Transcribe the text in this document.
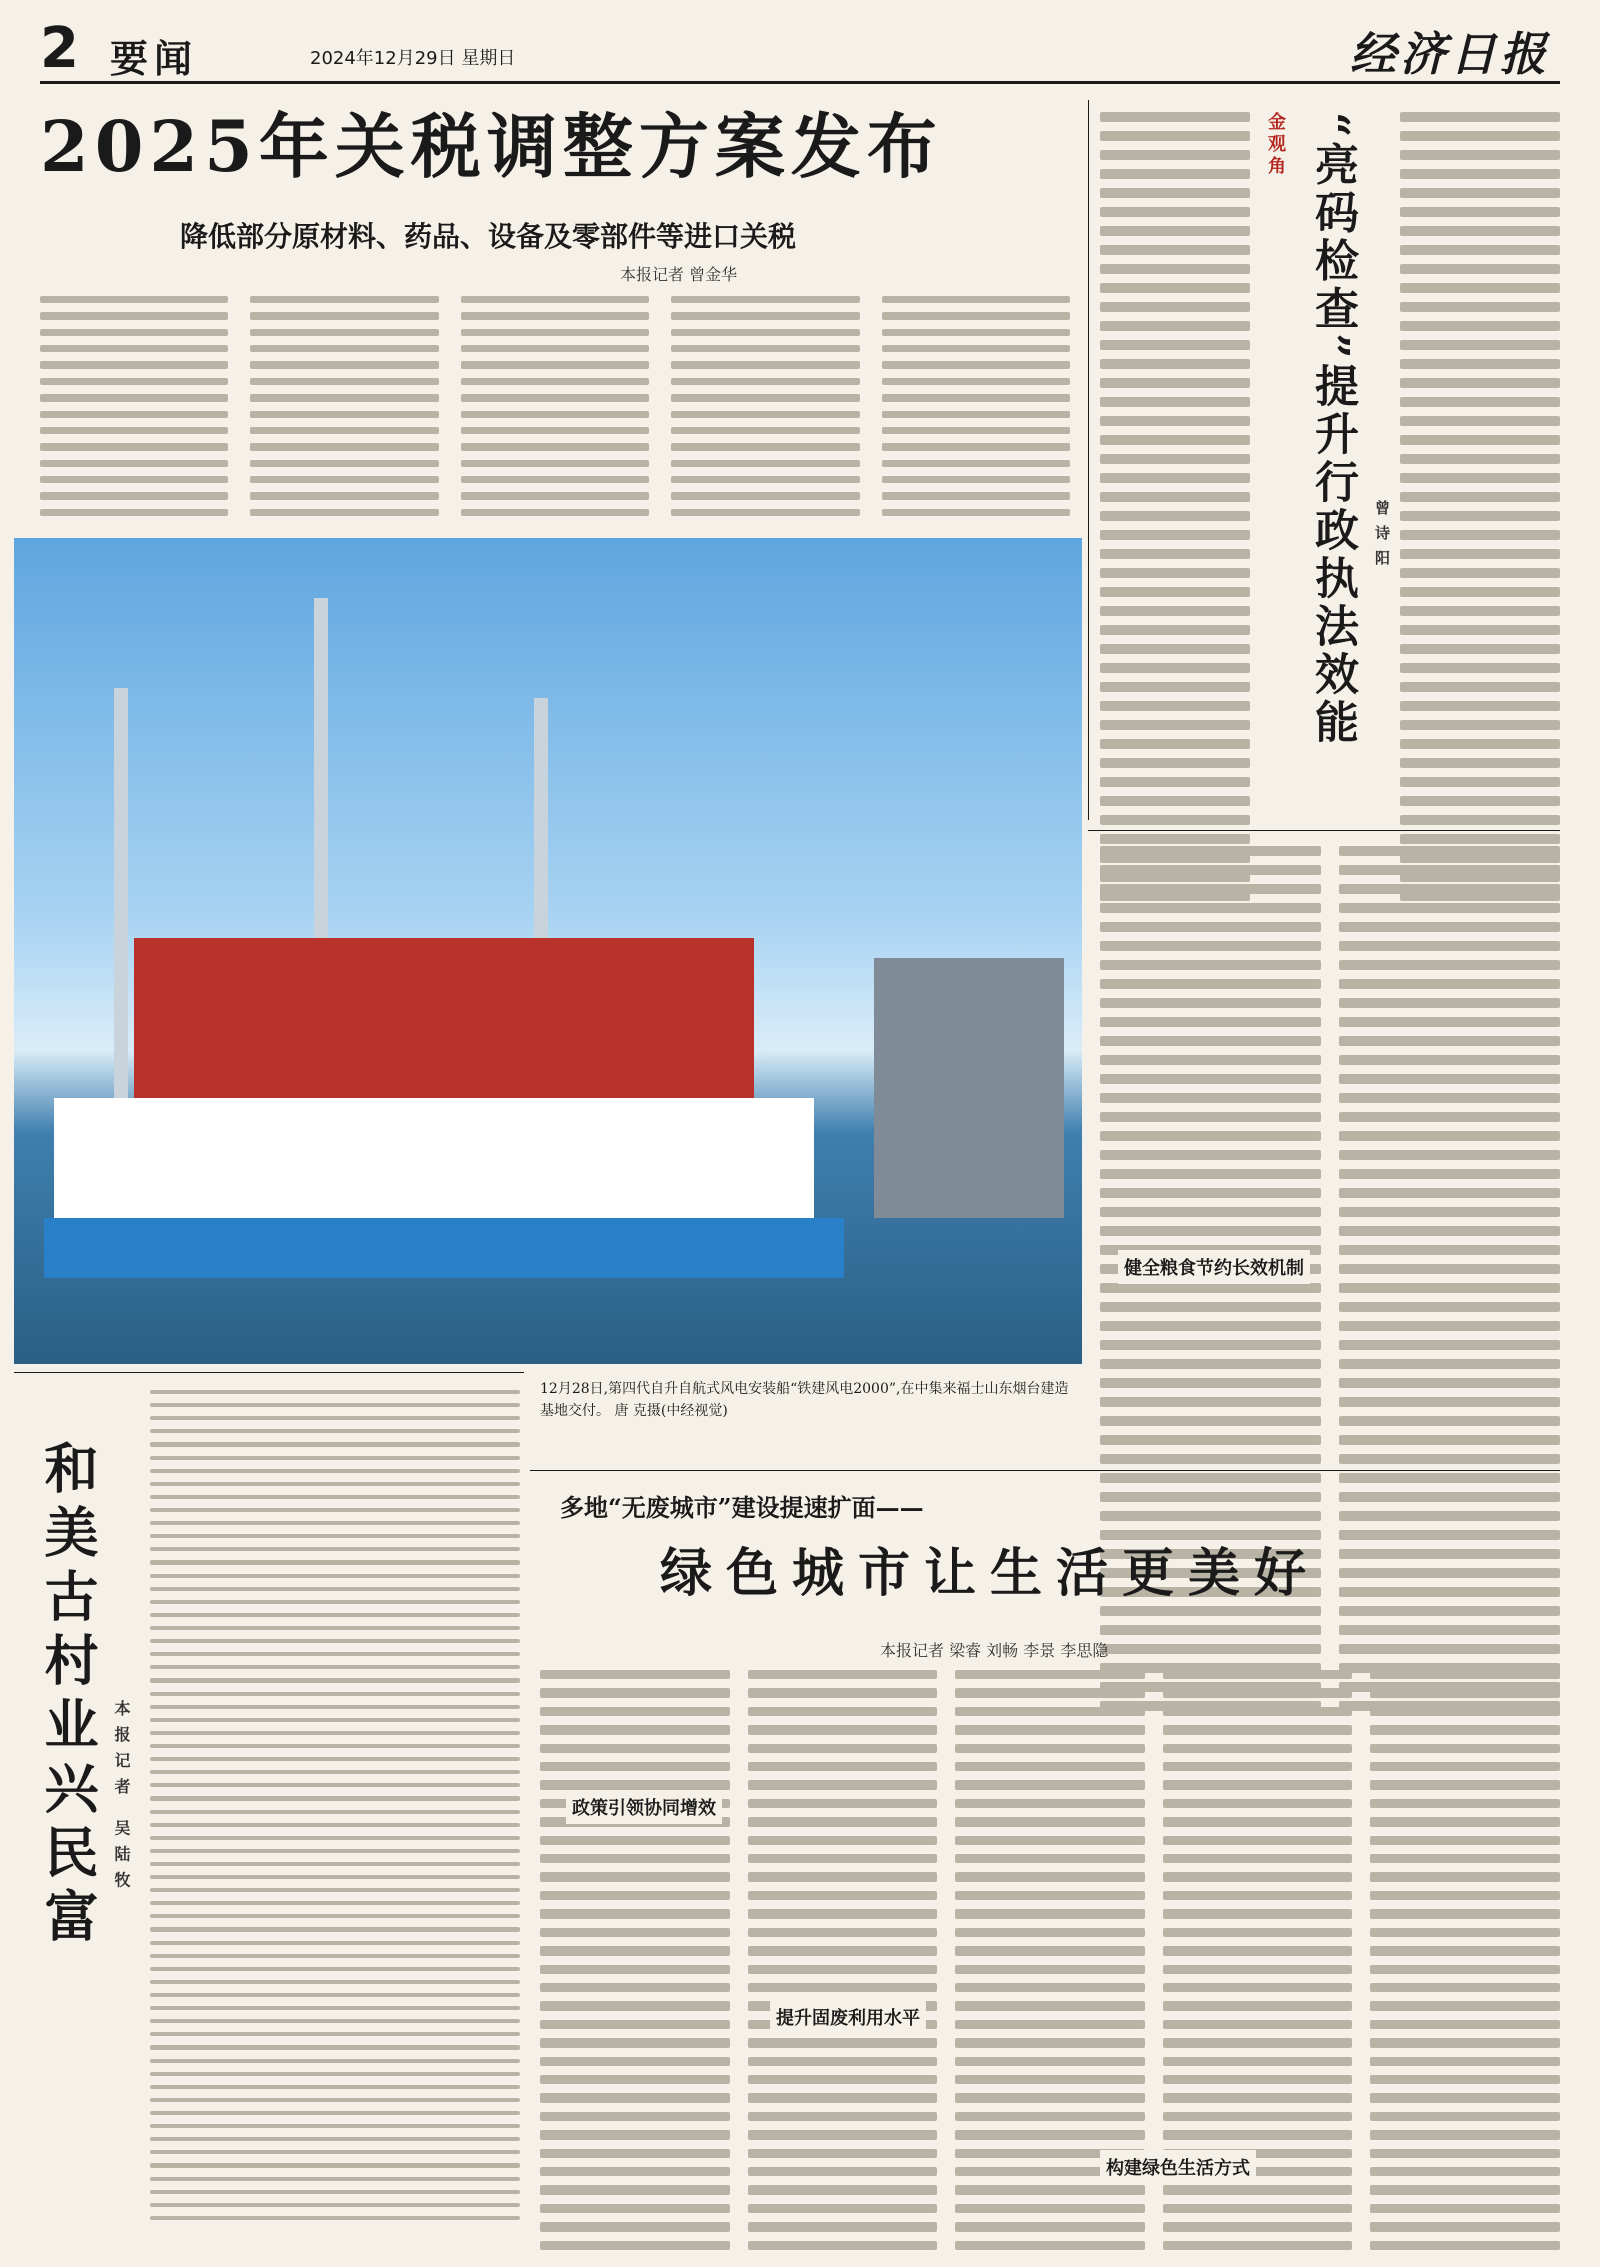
2 要闻	2024年12月29日 星期日	经济日报
2025年关税调整方案发布
降低部分原材料、药品、设备及零部件等进口关税
本报记者 曾金华
金观角 “亮码检查”提升行政执法效能	曾诗阳
12月28日,第四代自升自航式风电安装船“铁建风电2000”,在中集来福士山东烟台建造基地交付。 唐 克摄(中经视觉)
健全粮食节约长效机制
和美古村业兴民富 本报记者 吴陆牧
多地“无废城市”建设提速扩面——
绿色城市让生活更美好
本报记者 梁睿 刘畅 李景 李思隐
政策引领协同增效
提升固废利用水平
构建绿色生活方式
